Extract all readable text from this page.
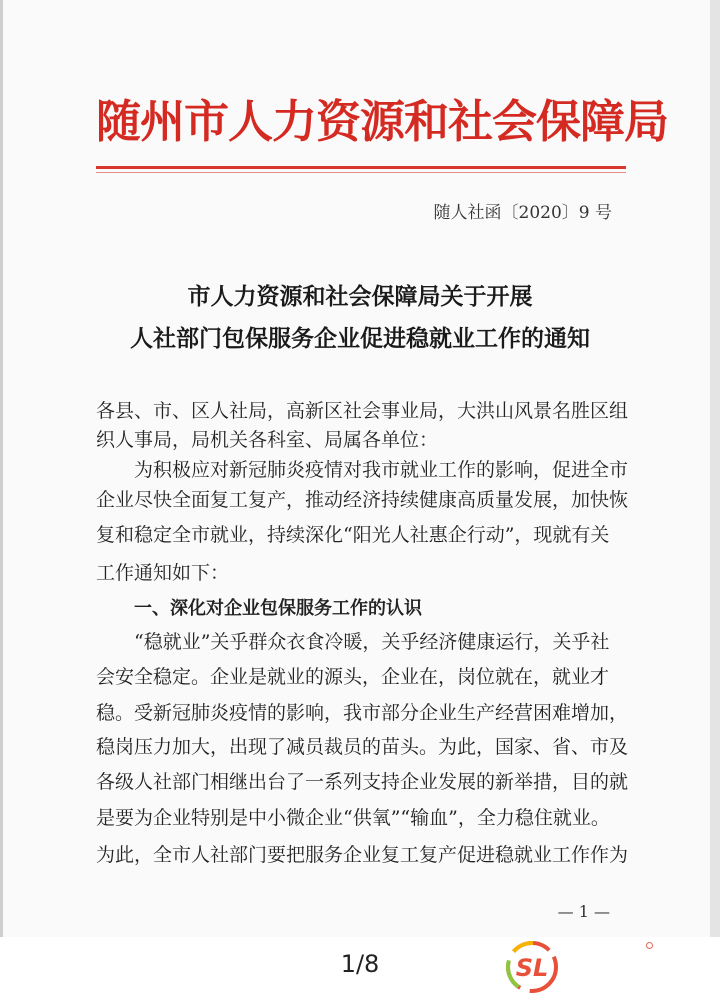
随州市人力资源和社会保障局
随人社函〔2020〕9 号
市人力资源和社会保障局关于开展
人社部门包保服务企业促进稳就业工作的通知
各县、市、区人社局，高新区社会事业局，大洪山风景名胜区组
织人事局，局机关各科室、局属各单位：
为积极应对新冠肺炎疫情对我市就业工作的影响，促进全市
企业尽快全面复工复产，推动经济持续健康高质量发展，加快恢
复和稳定全市就业，持续深化“阳光人社惠企行动”，现就有关
工作通知如下：
一、深化对企业包保服务工作的认识
“稳就业”关乎群众衣食冷暖，关乎经济健康运行，关乎社
会安全稳定。企业是就业的源头，企业在，岗位就在，就业才
稳。受新冠肺炎疫情的影响，我市部分企业生产经营困难增加，
稳岗压力加大，出现了减员裁员的苗头。为此，国家、省、市及
各级人社部门相继出台了一系列支持企业发展的新举措，目的就
是要为企业特别是中小微企业“供氧”“输血”，全力稳住就业。
为此，全市人社部门要把服务企业复工复产促进稳就业工作作为
— 1 —
1/8	SL
